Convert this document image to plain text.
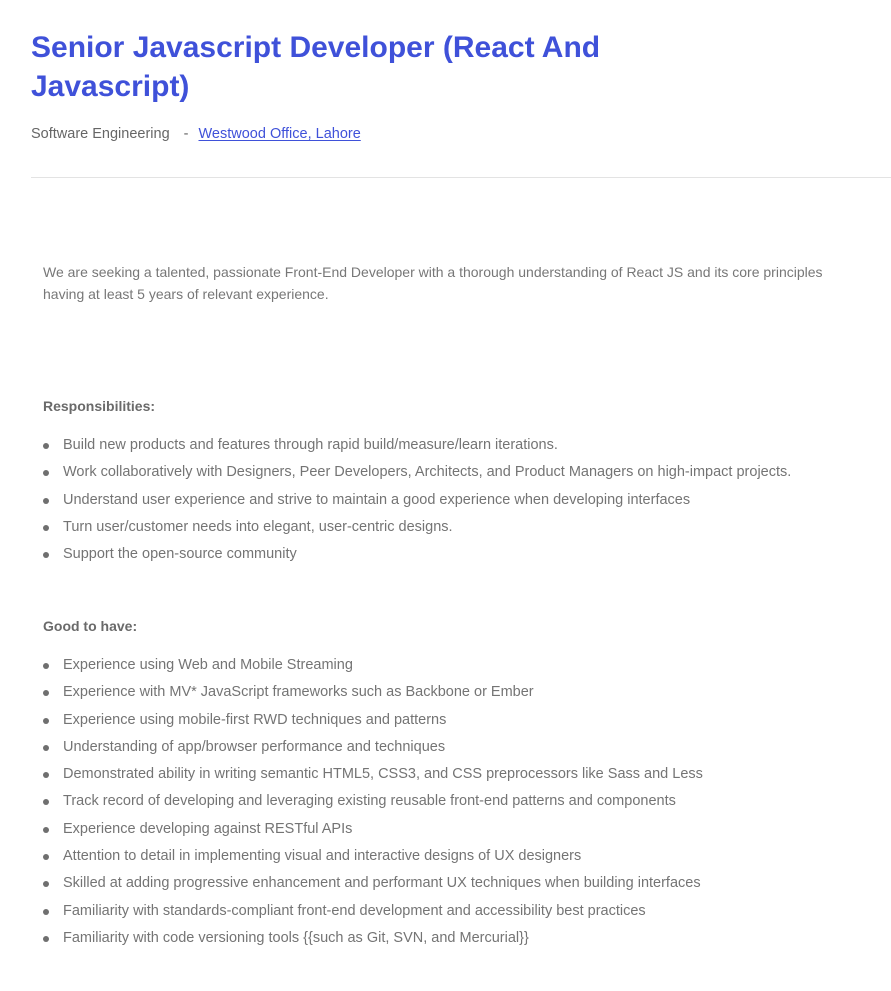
Senior Javascript Developer (React And Javascript)
Software Engineering - Westwood Office, Lahore

We are seeking a talented, passionate Front-End Developer with a thorough understanding of React JS and its core principles having at least 5 years of relevant experience.

Responsibilities:
Build new products and features through rapid build/measure/learn iterations.
Work collaboratively with Designers, Peer Developers, Architects, and Product Managers on high-impact projects.
Understand user experience and strive to maintain a good experience when developing interfaces
Turn user/customer needs into elegant, user-centric designs.
Support the open-source community
Good to have:
Experience using Web and Mobile Streaming
Experience with MV* JavaScript frameworks such as Backbone or Ember
Experience using mobile-first RWD techniques and patterns
Understanding of app/browser performance and techniques
Demonstrated ability in writing semantic HTML5, CSS3, and CSS preprocessors like Sass and Less
Track record of developing and leveraging existing reusable front-end patterns and components
Experience developing against RESTful APIs
Attention to detail in implementing visual and interactive designs of UX designers
Skilled at adding progressive enhancement and performant UX techniques when building interfaces
Familiarity with standards-compliant front-end development and accessibility best practices
Familiarity with code versioning tools {{such as Git, SVN, and Mercurial}}
